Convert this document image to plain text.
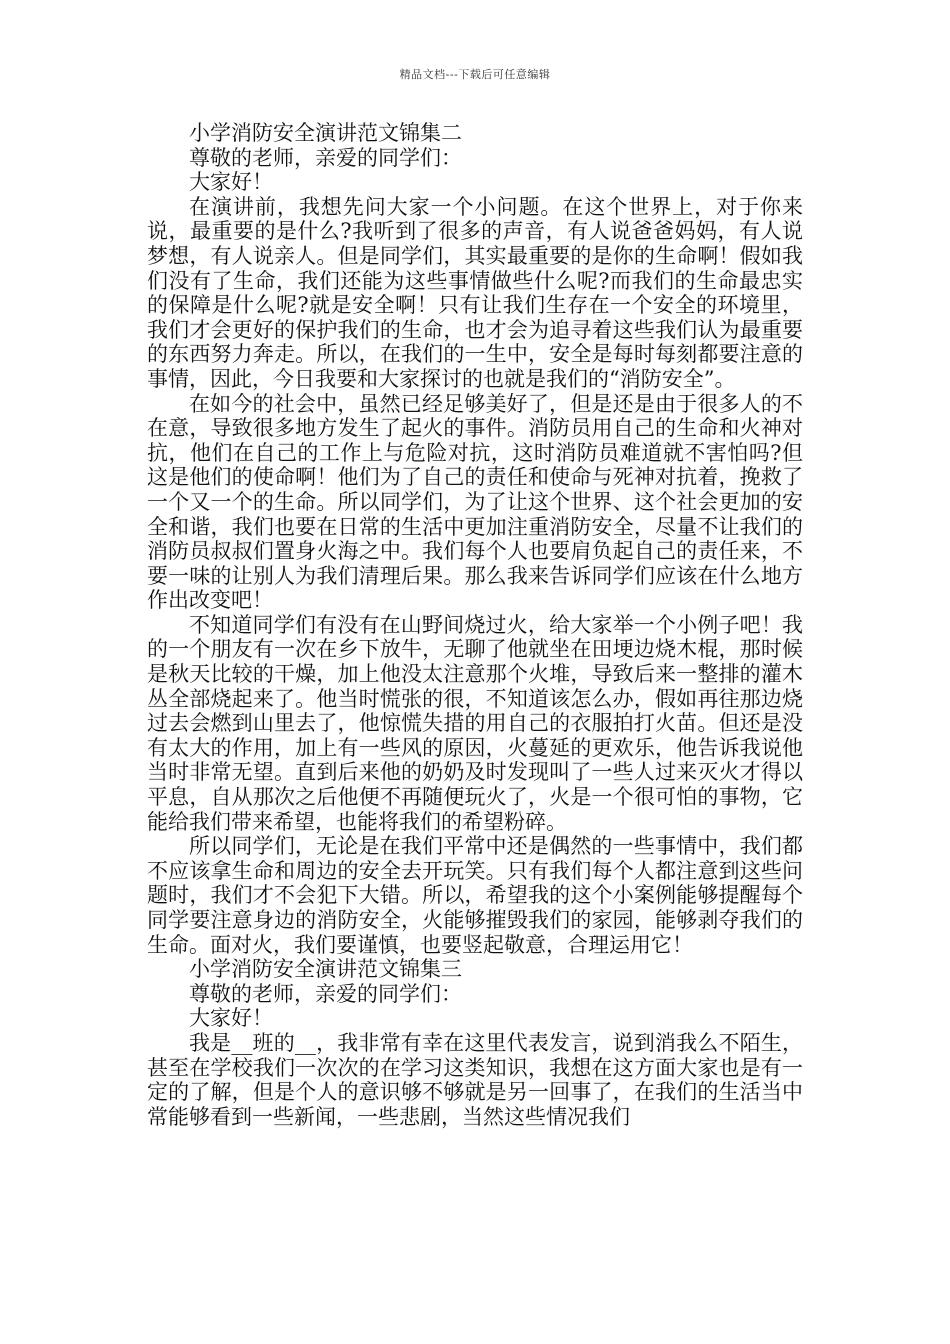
精品文档---下载后可任意编辑

小学消防安全演讲范文锦集二

尊敬的老师，亲爱的同学们：

大家好！

在演讲前，我想先问大家一个小问题。在这个世界上，对于你来说，最重要的是什么?我听到了很多的声音，有人说爸爸妈妈，有人说梦想，有人说亲人。但是同学们，其实最重要的是你的生命啊！假如我们没有了生命，我们还能为这些事情做些什么呢?而我们的生命最忠实的保障是什么呢?就是安全啊！只有让我们生存在一个安全的环境里，我们才会更好的保护我们的生命，也才会为追寻着这些我们认为最重要的东西努力奔走。所以，在我们的一生中，安全是每时每刻都要注意的事情，因此，今日我要和大家探讨的也就是我们的“消防安全”。

在如今的社会中，虽然已经足够美好了，但是还是由于很多人的不在意，导致很多地方发生了起火的事件。消防员用自己的生命和火神对抗，他们在自己的工作上与危险对抗，这时消防员难道就不害怕吗?但这是他们的使命啊！他们为了自己的责任和使命与死神对抗着，挽救了一个又一个的生命。所以同学们，为了让这个世界、这个社会更加的安全和谐，我们也要在日常的生活中更加注重消防安全，尽量不让我们的消防员叔叔们置身火海之中。我们每个人也要肩负起自己的责任来，不要一味的让别人为我们清理后果。那么我来告诉同学们应该在什么地方作出改变吧！

不知道同学们有没有在山野间烧过火，给大家举一个小例子吧！我的一个朋友有一次在乡下放牛，无聊了他就坐在田埂边烧木棍，那时候是秋天比较的干燥，加上他没太注意那个火堆，导致后来一整排的灌木丛全部烧起来了。他当时慌张的很，不知道该怎么办，假如再往那边烧过去会燃到山里去了，他惊慌失措的用自己的衣服拍打火苗。但还是没有太大的作用，加上有一些风的原因，火蔓延的更欢乐，他告诉我说他当时非常无望。直到后来他的奶奶及时发现叫了一些人过来灭火才得以平息，自从那次之后他便不再随便玩火了，火是一个很可怕的事物，它能给我们带来希望，也能将我们的希望粉碎。

所以同学们，无论是在我们平常中还是偶然的一些事情中，我们都不应该拿生命和周边的安全去开玩笑。只有我们每个人都注意到这些问题时，我们才不会犯下大错。所以，希望我的这个小案例能够提醒每个同学要注意身边的消防安全，火能够摧毁我们的家园，能够剥夺我们的生命。面对火，我们要谨慎，也要竖起敬意，合理运用它！

小学消防安全演讲范文锦集三

尊敬的老师，亲爱的同学们：

大家好！

我是__班的__，我非常有幸在这里代表发言，说到消我么不陌生，甚至在学校我们一次次的在学习这类知识，我想在这方面大家也是有一定的了解，但是个人的意识够不够就是另一回事了，在我们的生活当中常能够看到一些新闻，一些悲剧，当然这些情况我们
